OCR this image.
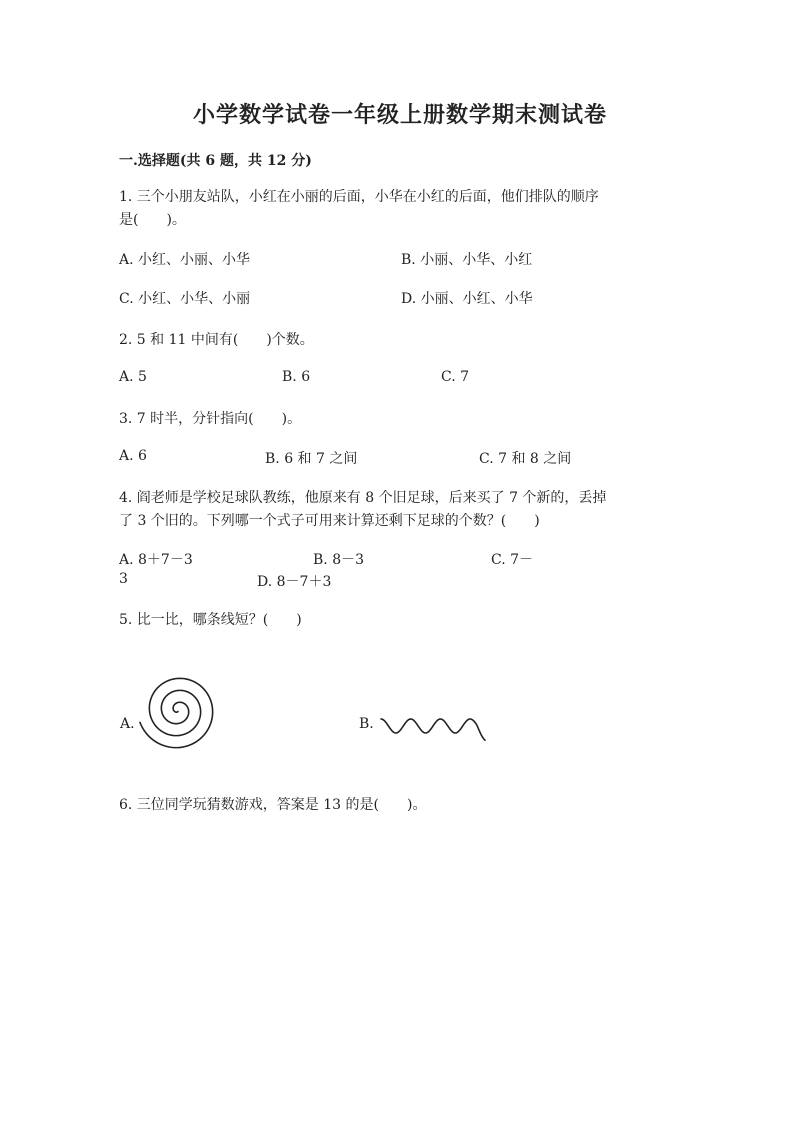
小学数学试卷一年级上册数学期末测试卷
一.选择题(共 6 题，共 12 分)
1. 三个小朋友站队，小红在小丽的后面，小华在小红的后面，他们排队的顺序
是(　　)。
A. 小红、小丽、小华	B. 小丽、小华、小红
C. 小红、小华、小丽	D. 小丽、小红、小华
2. 5 和 11 中间有(　　)个数。
A. 5	B. 6	C. 7
3. 7 时半，分针指向(　　)。
A. 6	B. 6 和 7 之间	C. 7 和 8 之间
4. 阎老师是学校足球队教练，他原来有 8 个旧足球，后来买了 7 个新的，丢掉
了 3 个旧的。下列哪一个式子可用来计算还剩下足球的个数？(　　)
A. 8＋7－3	B. 8－3	C. 7－
3	D. 8－7＋3
5. 比一比，哪条线短？(　　)
A.	B.
6. 三位同学玩猜数游戏，答案是 13 的是(　　)。
